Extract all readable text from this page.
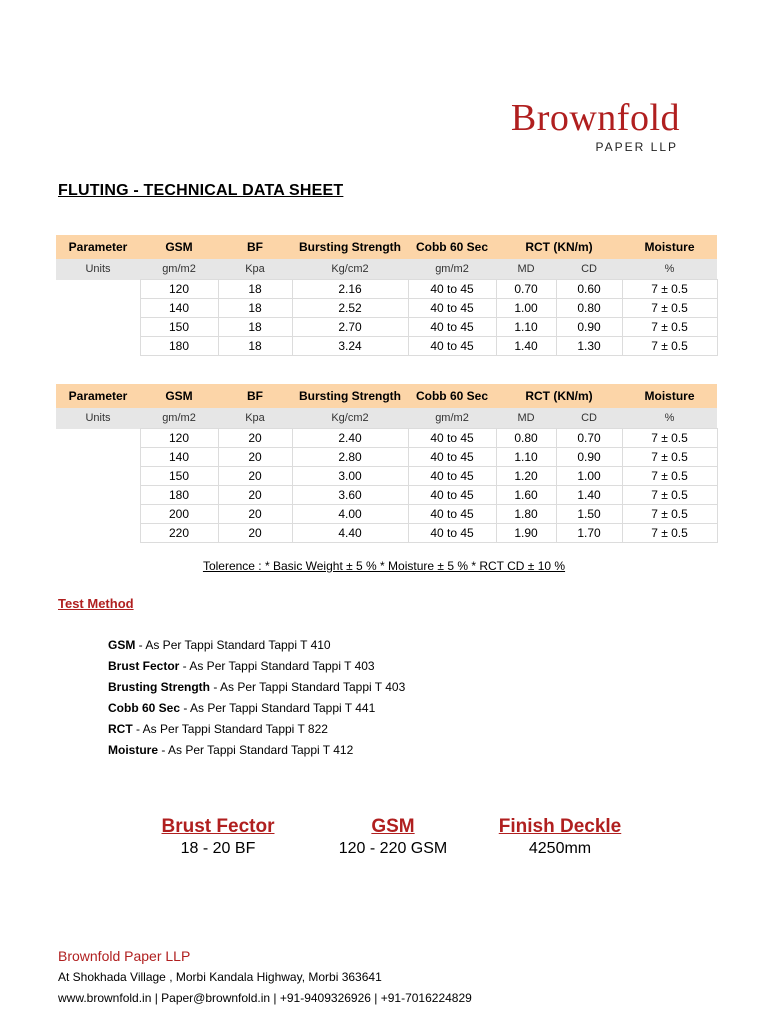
Brownfold
PAPER LLP
FLUTING - TECHNICAL DATA SHEET
Parameter	GSM	BF	Bursting Strength	Cobb 60 Sec	RCT (KN/m)		Moisture
Units	gm/m2	Kpa	Kg/cm2	gm/m2	MD	CD	%
	120	18	2.16	40 to 45	0.70	0.60	7 ± 0.5
	140	18	2.52	40 to 45	1.00	0.80	7 ± 0.5
	150	18	2.70	40 to 45	1.10	0.90	7 ± 0.5
	180	18	3.24	40 to 45	1.40	1.30	7 ± 0.5
Parameter	GSM	BF	Bursting Strength	Cobb 60 Sec	RCT (KN/m)		Moisture
Units	gm/m2	Kpa	Kg/cm2	gm/m2	MD	CD	%
	120	20	2.40	40 to 45	0.80	0.70	7 ± 0.5
	140	20	2.80	40 to 45	1.10	0.90	7 ± 0.5
	150	20	3.00	40 to 45	1.20	1.00	7 ± 0.5
	180	20	3.60	40 to 45	1.60	1.40	7 ± 0.5
	200	20	4.00	40 to 45	1.80	1.50	7 ± 0.5
	220	20	4.40	40 to 45	1.90	1.70	7 ± 0.5
Tolerence : * Basic Weight ± 5 % * Moisture ± 5 % * RCT CD ± 10 %
Test Method
GSM - As Per Tappi Standard Tappi T 410
Brust Fector - As Per Tappi Standard Tappi T 403
Brusting Strength - As Per Tappi Standard Tappi T 403
Cobb 60 Sec - As Per Tappi Standard Tappi T 441
RCT - As Per Tappi Standard Tappi T 822
Moisture - As Per Tappi Standard Tappi T 412
Brust Fector
18 - 20 BF
GSM
120 - 220 GSM
Finish Deckle
4250mm
Brownfold Paper LLP
At Shokhada Village , Morbi Kandala Highway, Morbi 363641
www.brownfold.in | Paper@brownfold.in | +91-9409326926 | +91-7016224829
